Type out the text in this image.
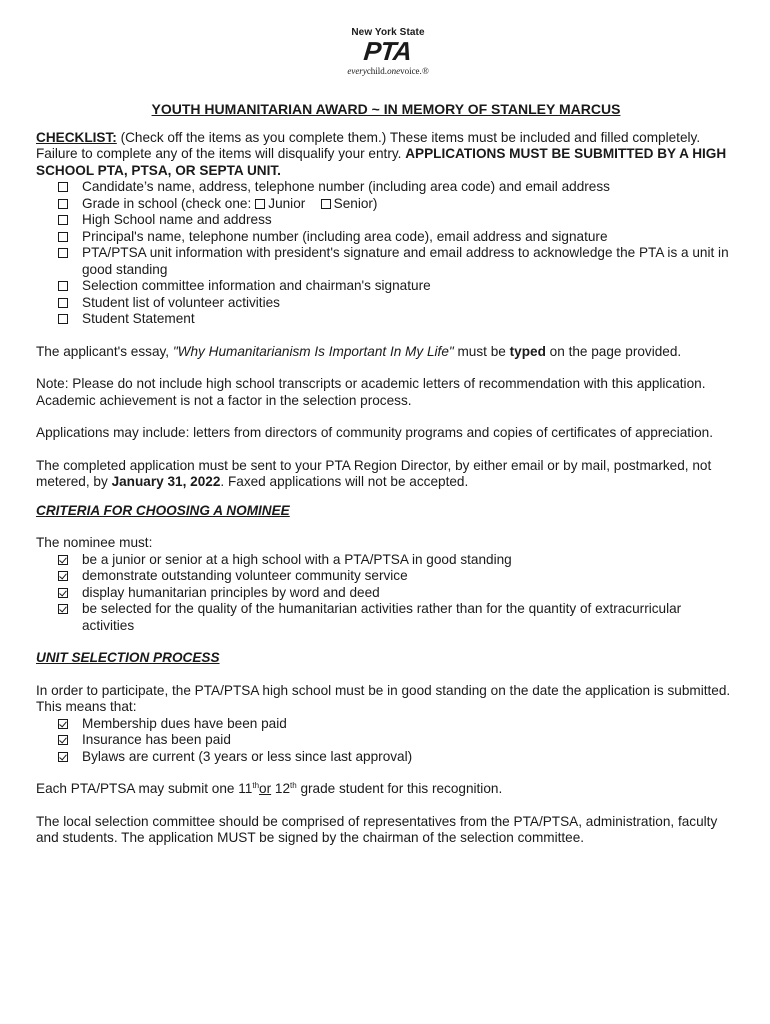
New York State
PTA
everychild.onevoice.®
YOUTH HUMANITARIAN AWARD ~ IN MEMORY OF STANLEY MARCUS

CHECKLIST: (Check off the items as you complete them.) These items must be included and filled completely. Failure to complete any of the items will disqualify your entry. APPLICATIONS MUST BE SUBMITTED BY A HIGH SCHOOL PTA, PTSA, OR SEPTA UNIT.

Candidate’s name, address, telephone number (including area code) and email address
Grade in school (check one: Junior Senior)
High School name and address
Principal's name, telephone number (including area code), email address and signature
PTA/PTSA unit information with president's signature and email address to acknowledge the PTA is a unit in good standing
Selection committee information and chairman's signature
Student list of volunteer activities
Student Statement

The applicant's essay, "Why Humanitarianism Is Important In My Life" must be typed on the page provided.

Note: Please do not include high school transcripts or academic letters of recommendation with this application. Academic achievement is not a factor in the selection process.

Applications may include: letters from directors of community programs and copies of certificates of appreciation.

The completed application must be sent to your PTA Region Director, by either email or by mail, postmarked, not metered, by January 31, 2022. Faxed applications will not be accepted.

CRITERIA FOR CHOOSING A NOMINEE

The nominee must:

be a junior or senior at a high school with a PTA/PTSA in good standing
demonstrate outstanding volunteer community service
display humanitarian principles by word and deed
be selected for the quality of the humanitarian activities rather than for the quantity of extracurricular activities
UNIT SELECTION PROCESS

In order to participate, the PTA/PTSA high school must be in good standing on the date the application is submitted. This means that:

Membership dues have been paid
Insurance has been paid
Bylaws are current (3 years or less since last approval)

Each PTA/PTSA may submit one 11thor 12th grade student for this recognition.

The local selection committee should be comprised of representatives from the PTA/PTSA, administration, faculty and students. The application MUST be signed by the chairman of the selection committee.
